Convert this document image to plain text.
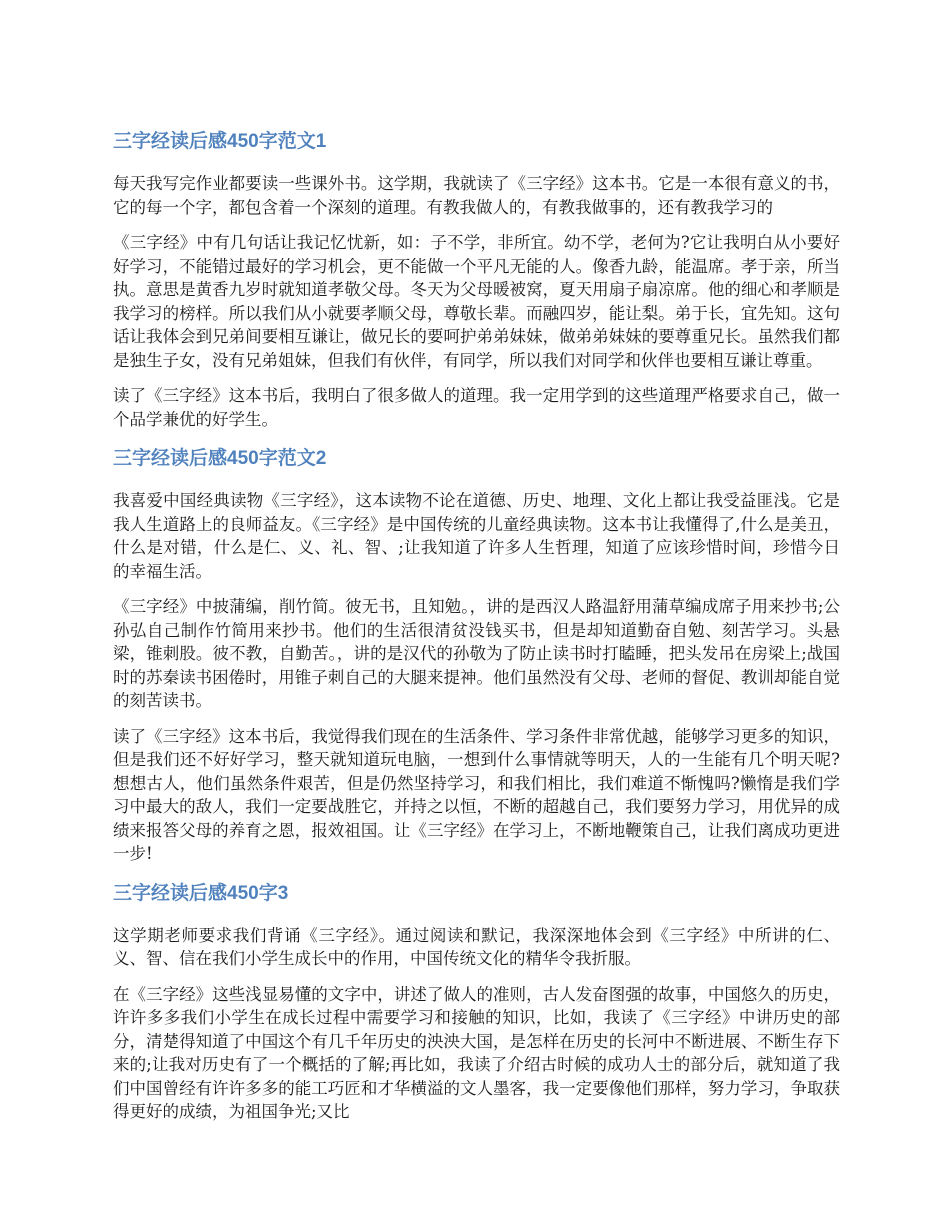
三字经读后感450字范文1

每天我写完作业都要读一些课外书。这学期，我就读了《三字经》这本书。它是一本很有意义的书，它的每一个字，都包含着一个深刻的道理。有教我做人的，有教我做事的，还有教我学习的

《三字经》中有几句话让我记忆忧新，如：子不学，非所宜。幼不学，老何为?它让我明白从小要好好学习，不能错过最好的学习机会，更不能做一个平凡无能的人。像香九龄，能温席。孝于亲，所当执。意思是黄香九岁时就知道孝敬父母。冬天为父母暖被窝，夏天用扇子扇凉席。他的细心和孝顺是我学习的榜样。所以我们从小就要孝顺父母，尊敬长辈。而融四岁，能让梨。弟于长，宜先知。这句话让我体会到兄弟间要相互谦让，做兄长的要呵护弟弟妹妹，做弟弟妹妹的要尊重兄长。虽然我们都是独生子女，没有兄弟姐妹，但我们有伙伴，有同学，所以我们对同学和伙伴也要相互谦让尊重。

读了《三字经》这本书后，我明白了很多做人的道理。我一定用学到的这些道理严格要求自己，做一个品学兼优的好学生。

三字经读后感450字范文2

我喜爱中国经典读物《三字经》，这本读物不论在道德、历史、地理、文化上都让我受益匪浅。它是我人生道路上的良师益友。《三字经》是中国传统的儿童经典读物。这本书让我懂得了,什么是美丑，什么是对错，什么是仁、义、礼、智、;让我知道了许多人生哲理，知道了应该珍惜时间，珍惜今日的幸福生活。

《三字经》中披蒲编，削竹简。彼无书，且知勉。，讲的是西汉人路温舒用蒲草编成席子用来抄书;公孙弘自己制作竹简用来抄书。他们的生活很清贫没钱买书，但是却知道勤奋自勉、刻苦学习。头悬梁，锥刺股。彼不教，自勤苦。，讲的是汉代的孙敬为了防止读书时打瞌睡，把头发吊在房梁上;战国时的苏秦读书困倦时，用锥子刺自己的大腿来提神。他们虽然没有父母、老师的督促、教训却能自觉的刻苦读书。

读了《三字经》这本书后，我觉得我们现在的生活条件、学习条件非常优越，能够学习更多的知识，但是我们还不好好学习，整天就知道玩电脑，一想到什么事情就等明天，人的一生能有几个明天呢?想想古人，他们虽然条件艰苦，但是仍然坚持学习，和我们相比，我们难道不惭愧吗?懒惰是我们学习中最大的敌人，我们一定要战胜它，并持之以恒，不断的超越自己，我们要努力学习，用优异的成绩来报答父母的养育之恩，报效祖国。让《三字经》在学习上，不断地鞭策自己，让我们离成功更进一步!

三字经读后感450字3

这学期老师要求我们背诵《三字经》。通过阅读和默记，我深深地体会到《三字经》中所讲的仁、义、智、信在我们小学生成长中的作用，中国传统文化的精华令我折服。

在《三字经》这些浅显易懂的文字中，讲述了做人的准则，古人发奋图强的故事，中国悠久的历史，许许多多我们小学生在成长过程中需要学习和接触的知识，比如，我读了《三字经》中讲历史的部分，清楚得知道了中国这个有几千年历史的泱泱大国，是怎样在历史的长河中不断进展、不断生存下来的;让我对历史有了一个概括的了解;再比如，我读了介绍古时候的成功人士的部分后，就知道了我们中国曾经有许许多多的能工巧匠和才华横溢的文人墨客，我一定要像他们那样，努力学习，争取获得更好的成绩，为祖国争光;又比
